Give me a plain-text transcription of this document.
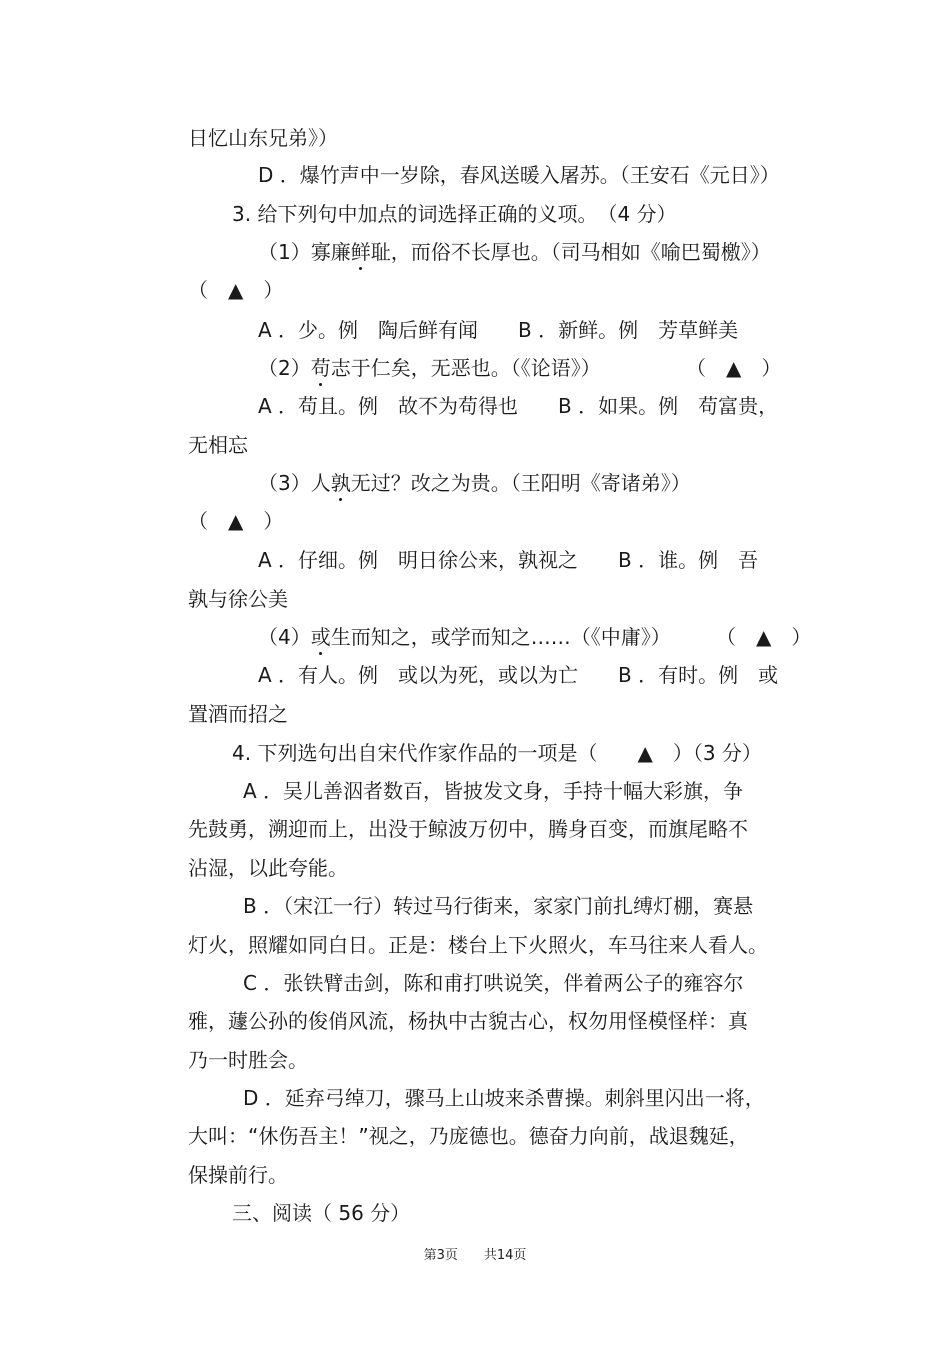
日忆山东兄弟》）
D ．爆竹声中一岁除，春风送暖入屠苏。（王安石《元日》）
3. 给下列句中加点的词选择正确的义项。　（4 分）
（1）寡廉鲜耻，而俗不长厚也。（司马相如《喻巴蜀檄》）
（　▲　）
A ．少。例　陶后鲜有闻　　B ．新鲜。例　芳草鲜美
（2）苟志于仁矣，无恶也。（《论语》）	（　▲　）
A ．苟且。例　故不为苟得也　　B ．如果。例　苟富贵，
无相忘
（3）人孰无过？改之为贵。（王阳明《寄诸弟》）
（　▲　）
A ．仔细。例　明日徐公来，孰视之　　B ．谁。例　吾
孰与徐公美
（4）或生而知之，或学而知之……（《中庸》） （　▲　）
A ．有人。例　或以为死，或以为亡　　B ．有时。例　或
置酒而招之
4. 下列选句出自宋代作家作品的一项是（　　▲　）（3 分）
A ．吴儿善泅者数百，皆披发文身，手持十幅大彩旗，争
先鼓勇，溯迎而上，出没于鲸波万仞中，腾身百变，而旗尾略不
沾湿，以此夸能。
B ．（宋江一行）转过马行街来，家家门前扎缚灯棚，赛悬
灯火，照耀如同白日。正是：楼台上下火照火，车马往来人看人。
C ．张铁臂击剑，陈和甫打哄说笑，伴着两公子的雍容尔
雅，蘧公孙的俊俏风流，杨执中古貌古心，权勿用怪模怪样：真
乃一时胜会。
D ．延弃弓绰刀，骤马上山坡来杀曹操。刺斜里闪出一将，
大叫：“休伤吾主！”视之，乃庞德也。德奋力向前，战退魏延，
保操前行。
三、阅读（ 56 分）
第3页 共14页
